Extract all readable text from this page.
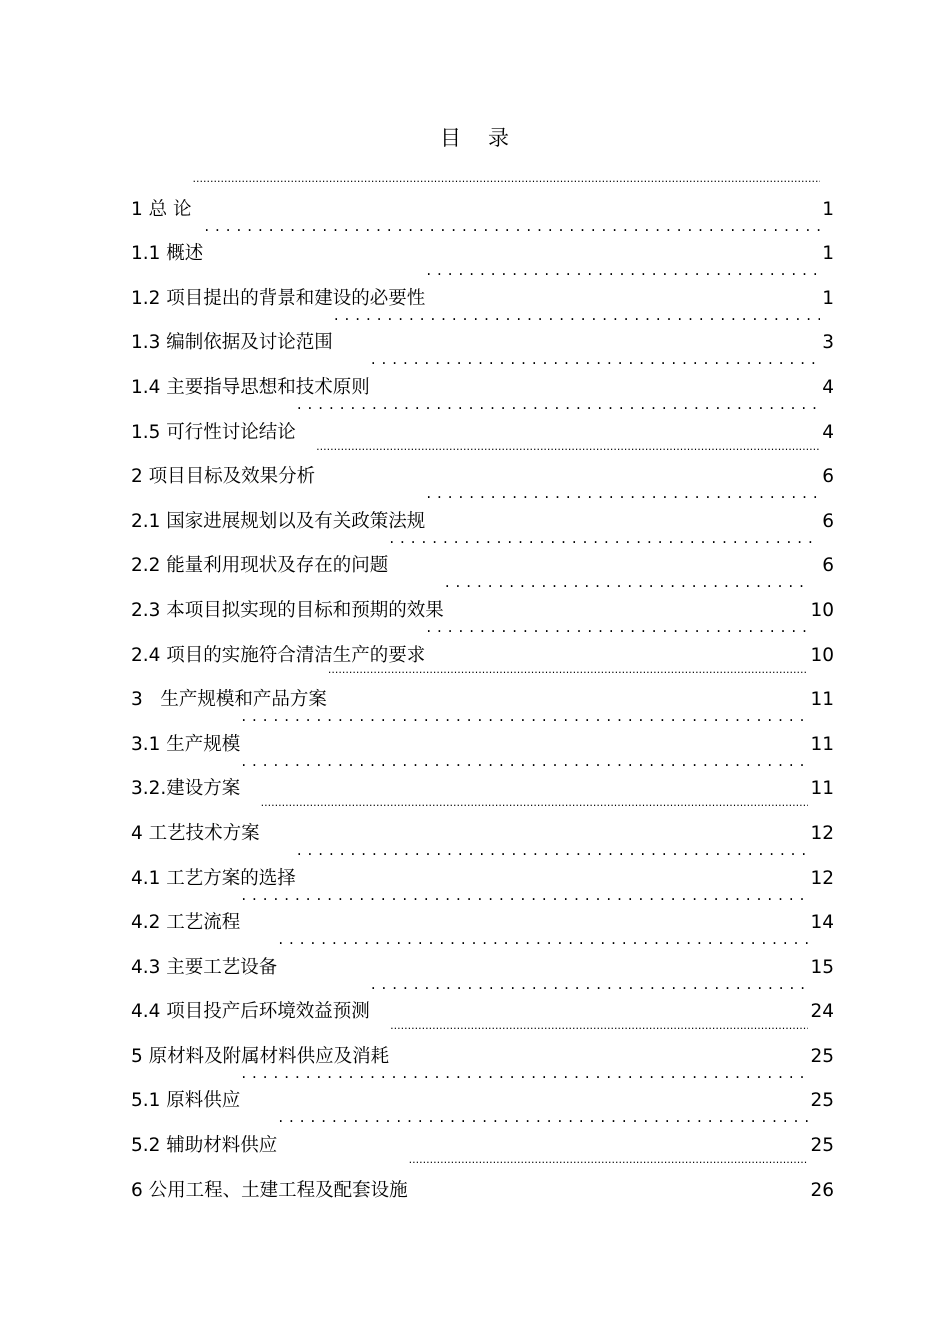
目 录
1 总 论 .....	1
1.1 概述 . . .	1
1.2 项目提出的背景和建设的必要性 . . .	1
1.3 编制依据及讨论范围 . . .	3
1.4 主要指导思想和技术原则 . . .	4
1.5 可行性讨论结论 . . .	4
2 项目目标及效果分析 .....	6
2.1 国家进展规划以及有关政策法规 . . .	6
2.2 能量利用现状及存在的问题 . . .	6
2.3 本项目拟实现的目标和预期的效果 . . .	10
2.4 项目的实施符合清洁生产的要求 . . .	10
3   生产规模和产品方案 .....	11
3.1 生产规模 . . .	11
3.2.建设方案 . . .	11
4 工艺技术方案 .....	12
4.1 工艺方案的选择 . . .	12
4.2 工艺流程 . . .	14
4.3 主要工艺设备 . . .	15
4.4 项目投产后环境效益预测 . . .	24
5 原材料及附属材料供应及消耗 .....	25
5.1 原料供应 . . .	25
5.2 辅助材料供应 . . .	25
6 公用工程、土建工程及配套设施 .....	26
